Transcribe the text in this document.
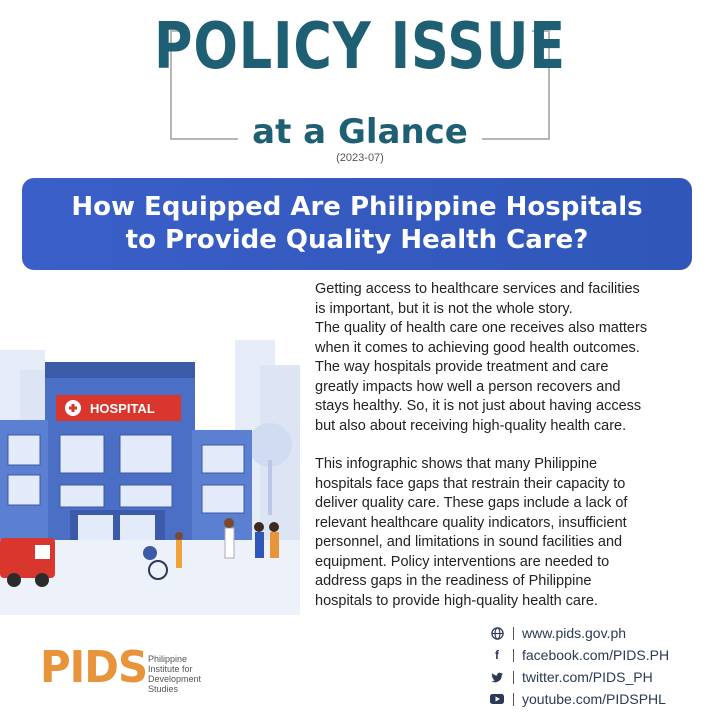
POLICY ISSUE
at a Glance
(2023-07)
How Equipped Are Philippine Hospitals
to Provide Quality Health Care?
HOSPITAL

Getting access to healthcare services and facilities
is important, but it is not the whole story.
The quality of health care one receives also matters
when it comes to achieving good health outcomes.
The way hospitals provide treatment and care
greatly impacts how well a person recovers and
stays healthy. So, it is not just about having access
but also about receiving high-quality health care.

This infographic shows that many Philippine
hospitals face gaps that restrain their capacity to
deliver quality care. These gaps include a lack of
relevant healthcare quality indicators, insufficient
personnel, and limitations in sound facilities and
equipment. Policy interventions are needed to
address gaps in the readiness of Philippine
hospitals to provide high-quality health care.

PIDS Philippine
Institute for
Development
Studies
www.pids.gov.ph
f	facebook.com/PIDS.PH
twitter.com/PIDS_PH
youtube.com/PIDSPHL
